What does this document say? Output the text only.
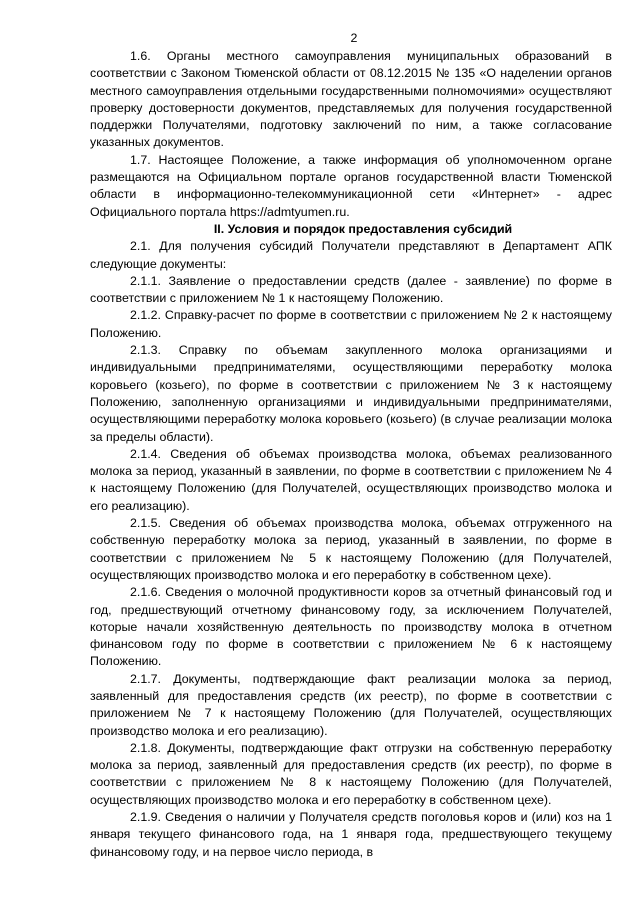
2

1.6. Органы местного самоуправления муниципальных образований в соответствии с Законом Тюменской области от 08.12.2015 № 135 «О наделении органов местного самоуправления отдельными государственными полномочиями» осуществляют проверку достоверности документов, представляемых для получения государственной поддержки Получателями, подготовку заключений по ним, а также согласование указанных документов.

1.7. Настоящее Положение, а также информация об уполномоченном органе размещаются на Официальном портале органов государственной власти Тюменской области в информационно-телекоммуникационной сети «Интернет» - адрес Официального портала https://admtyumen.ru.

II. Условия и порядок предоставления субсидий

2.1. Для получения субсидий Получатели представляют в Департамент АПК следующие документы:

2.1.1. Заявление о предоставлении средств (далее - заявление) по форме в соответствии с приложением № 1 к настоящему Положению.

2.1.2. Справку-расчет по форме в соответствии с приложением № 2 к настоящему Положению.

2.1.3. Справку по объемам закупленного молока организациями и индивидуальными предпринимателями, осуществляющими переработку молока коровьего (козьего), по форме в соответствии с приложением № 3 к настоящему Положению, заполненную организациями и индивидуальными предпринимателями, осуществляющими переработку молока коровьего (козьего) (в случае реализации молока за пределы области).

2.1.4. Сведения об объемах производства молока, объемах реализованного молока за период, указанный в заявлении, по форме в соответствии с приложением № 4 к настоящему Положению (для Получателей, осуществляющих производство молока и его реализацию).

2.1.5. Сведения об объемах производства молока, объемах отгруженного на собственную переработку молока за период, указанный в заявлении, по форме в соответствии с приложением № 5 к настоящему Положению (для Получателей, осуществляющих производство молока и его переработку в собственном цехе).

2.1.6. Сведения о молочной продуктивности коров за отчетный финансовый год и год, предшествующий отчетному финансовому году, за исключением Получателей, которые начали хозяйственную деятельность по производству молока в отчетном финансовом году по форме в соответствии с приложением № 6 к настоящему Положению.

2.1.7. Документы, подтверждающие факт реализации молока за период, заявленный для предоставления средств (их реестр), по форме в соответствии с приложением № 7 к настоящему Положению (для Получателей, осуществляющих производство молока и его реализацию).

2.1.8. Документы, подтверждающие факт отгрузки на собственную переработку молока за период, заявленный для предоставления средств (их реестр), по форме в соответствии с приложением № 8 к настоящему Положению (для Получателей, осуществляющих производство молока и его переработку в собственном цехе).

2.1.9. Сведения о наличии у Получателя средств поголовья коров и (или) коз на 1 января текущего финансового года, на 1 января года, предшествующего текущему финансовому году, и на первое число периода, в
